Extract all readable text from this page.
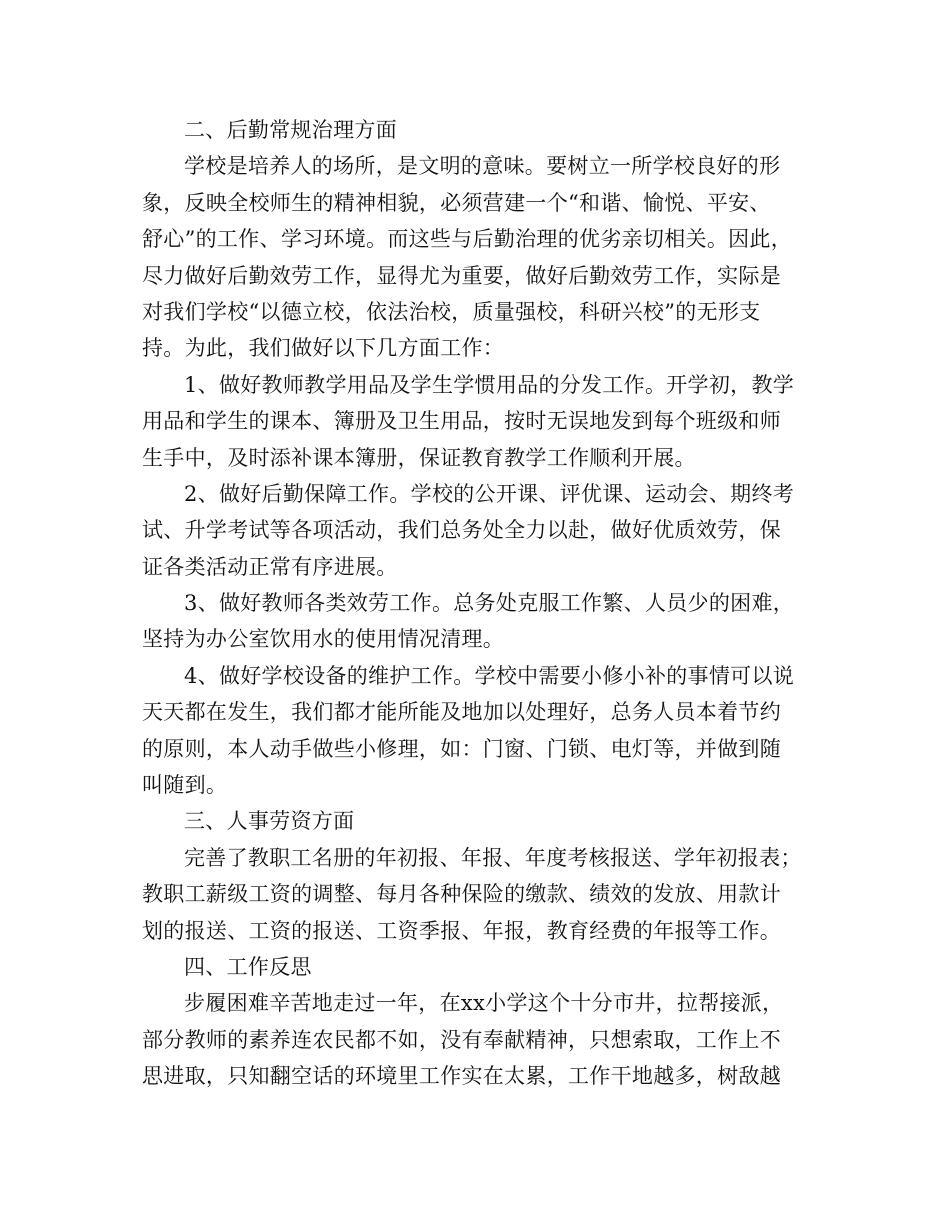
二、后勤常规治理方面
学校是培养人的场所，是文明的意味。要树立一所学校良好的形
象，反映全校师生的精神相貌，必须营建一个“和谐、愉悦、平安、
舒心”的工作、学习环境。而这些与后勤治理的优劣亲切相关。因此，
尽力做好后勤效劳工作，显得尤为重要，做好后勤效劳工作，实际是
对我们学校“以德立校，依法治校，质量强校，科研兴校”的无形支
持。为此，我们做好以下几方面工作：
1、做好教师教学用品及学生学惯用品的分发工作。开学初，教学
用品和学生的课本、簿册及卫生用品，按时无误地发到每个班级和师
生手中，及时添补课本簿册，保证教育教学工作顺利开展。
2、做好后勤保障工作。学校的公开课、评优课、运动会、期终考
试、升学考试等各项活动，我们总务处全力以赴，做好优质效劳，保
证各类活动正常有序进展。
3、做好教师各类效劳工作。总务处克服工作繁、人员少的困难，
坚持为办公室饮用水的使用情况清理。
4、做好学校设备的维护工作。学校中需要小修小补的事情可以说
天天都在发生，我们都才能所能及地加以处理好，总务人员本着节约
的原则，本人动手做些小修理，如：门窗、门锁、电灯等，并做到随
叫随到。
三、人事劳资方面
完善了教职工名册的年初报、年报、年度考核报送、学年初报表；
教职工薪级工资的调整、每月各种保险的缴款、绩效的发放、用款计
划的报送、工资的报送、工资季报、年报，教育经费的年报等工作。
四、工作反思
步履困难辛苦地走过一年，在xx小学这个十分市井，拉帮接派，
部分教师的素养连农民都不如，没有奉献精神，只想索取，工作上不
思进取，只知翻空话的环境里工作实在太累，工作干地越多，树敌越
